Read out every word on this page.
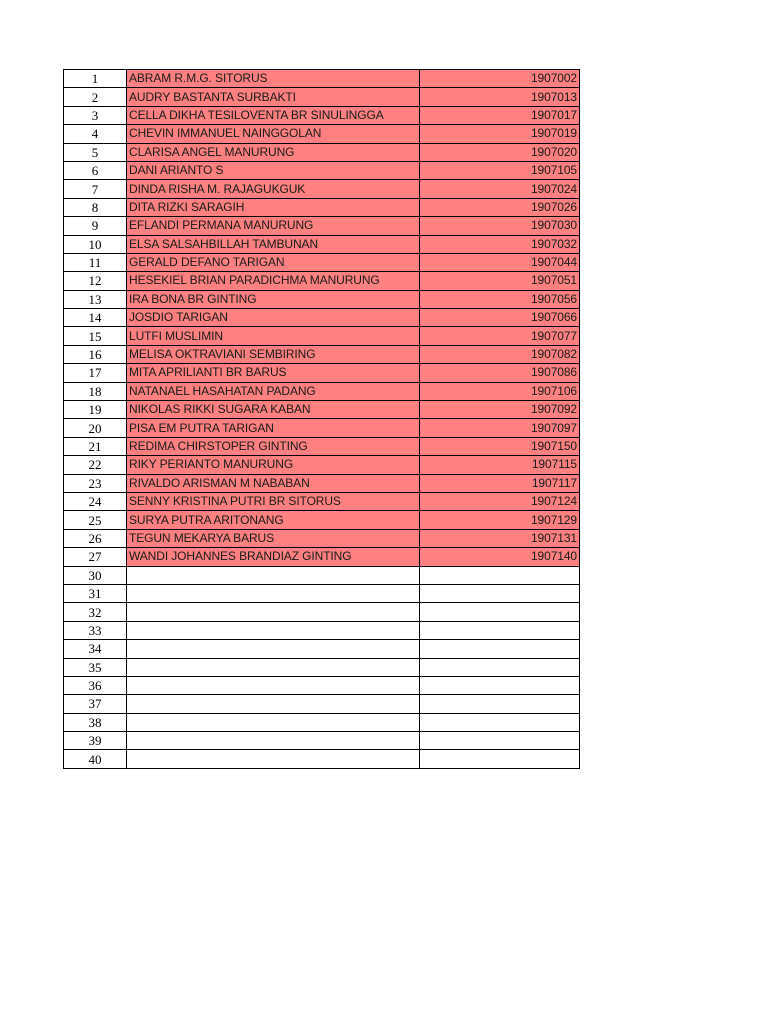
1	ABRAM R.M.G. SITORUS	1907002
2	AUDRY BASTANTA SURBAKTI	1907013
3	CELLA DIKHA TESILOVENTA BR SINULINGGA	1907017
4	CHEVIN IMMANUEL NAINGGOLAN	1907019
5	CLARISA ANGEL MANURUNG	1907020
6	DANI ARIANTO S	1907105
7	DINDA RISHA M. RAJAGUKGUK	1907024
8	DITA RIZKI SARAGIH	1907026
9	EFLANDI PERMANA MANURUNG	1907030
10	ELSA SALSAHBILLAH TAMBUNAN	1907032
11	GERALD DEFANO TARIGAN	1907044
12	HESEKIEL BRIAN PARADICHMA MANURUNG	1907051
13	IRA BONA BR GINTING	1907056
14	JOSDIO TARIGAN	1907066
15	LUTFI MUSLIMIN	1907077
16	MELISA OKTRAVIANI SEMBIRING	1907082
17	MITA APRILIANTI BR BARUS	1907086
18	NATANAEL HASAHATAN PADANG	1907106
19	NIKOLAS RIKKI SUGARA KABAN	1907092
20	PISA EM PUTRA TARIGAN	1907097
21	REDIMA CHIRSTOPER GINTING	1907150
22	RIKY PERIANTO MANURUNG	1907115
23	RIVALDO ARISMAN M NABABAN	1907117
24	SENNY KRISTINA PUTRI BR SITORUS	1907124
25	SURYA PUTRA ARITONANG	1907129
26	TEGUN MEKARYA BARUS	1907131
27	WANDI JOHANNES BRANDIAZ GINTING	1907140
30		
31		
32		
33		
34		
35		
36		
37		
38		
39		
40		
